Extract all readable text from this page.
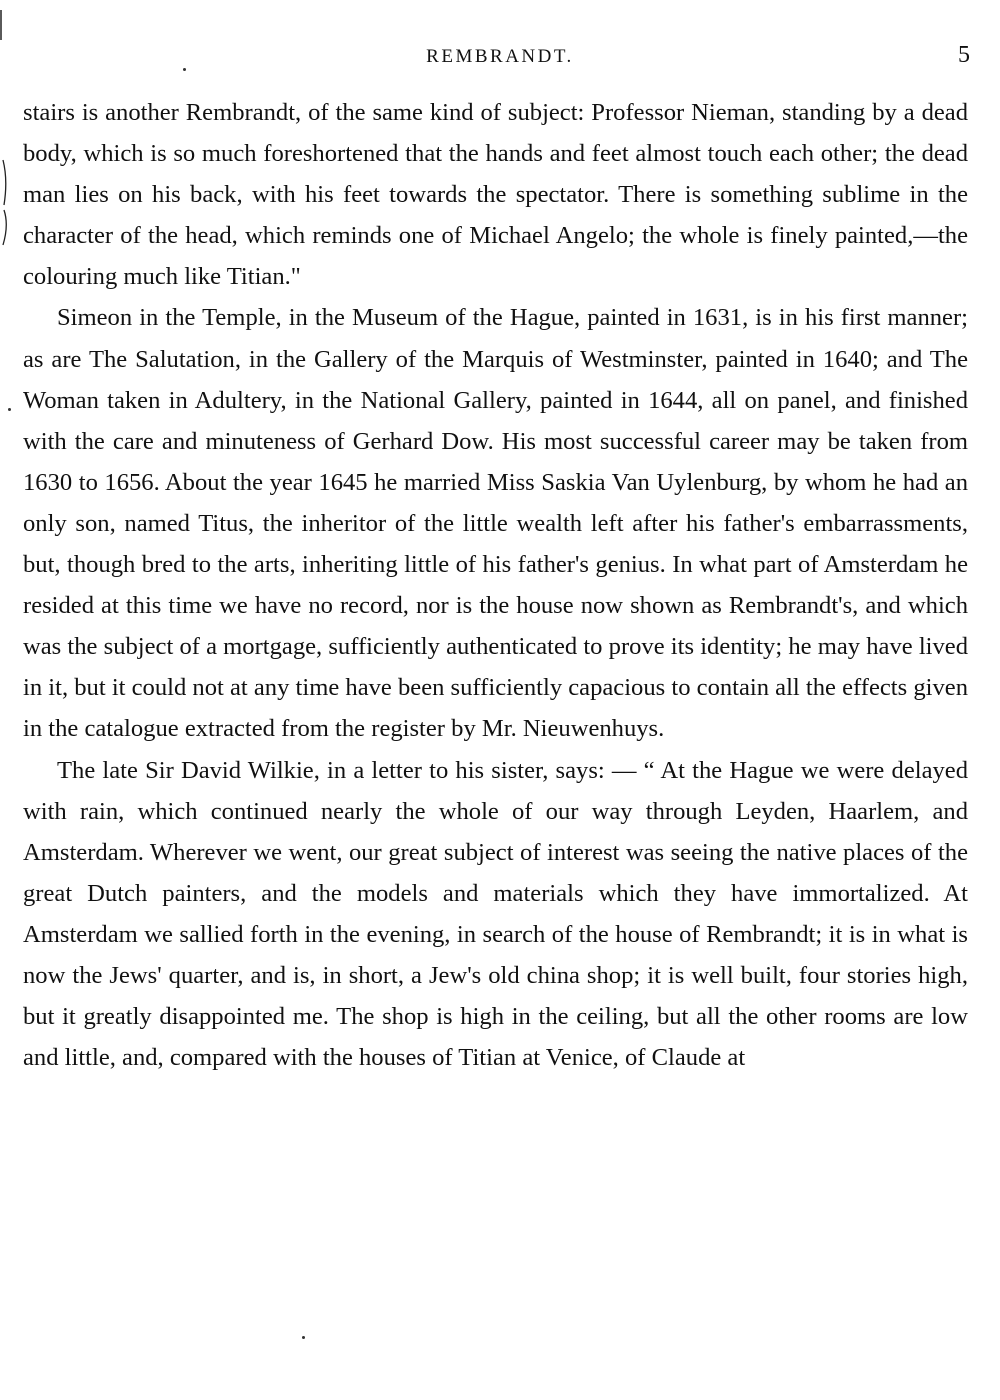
REMBRANDT.	5

stairs is another Rembrandt, of the same kind of subject: Professor Nieman, standing by a dead body, which is so much foreshortened that the hands and feet almost touch each other; the dead man lies on his back, with his feet towards the spectator. There is something sublime in the character of the head, which reminds one of Michael Angelo; the whole is finely painted,—the colouring much like Titian."

Simeon in the Temple, in the Museum of the Hague, painted in 1631, is in his first manner; as are The Salutation, in the Gallery of the Marquis of Westminster, painted in 1640; and The Woman taken in Adultery, in the National Gallery, painted in 1644, all on panel, and finished with the care and minuteness of Gerhard Dow. His most successful career may be taken from 1630 to 1656. About the year 1645 he married Miss Saskia Van Uylenburg, by whom he had an only son, named Titus, the inheritor of the little wealth left after his father's embarrassments, but, though bred to the arts, inheriting little of his father's genius. In what part of Amsterdam he resided at this time we have no record, nor is the house now shown as Rembrandt's, and which was the subject of a mortgage, sufficiently authenticated to prove its identity; he may have lived in it, but it could not at any time have been sufficiently capacious to contain all the effects given in the catalogue extracted from the register by Mr. Nieuwenhuys.

The late Sir David Wilkie, in a letter to his sister, says: — “ At the Hague we were delayed with rain, which continued nearly the whole of our way through Leyden, Haarlem, and Amsterdam. Wherever we went, our great subject of interest was seeing the native places of the great Dutch painters, and the models and materials which they have immortalized. At Amsterdam we sallied forth in the evening, in search of the house of Rembrandt; it is in what is now the Jews' quarter, and is, in short, a Jew's old china shop; it is well built, four stories high, but it greatly disappointed me. The shop is high in the ceiling, but all the other rooms are low and little, and, compared with the houses of Titian at Venice, of Claude at
